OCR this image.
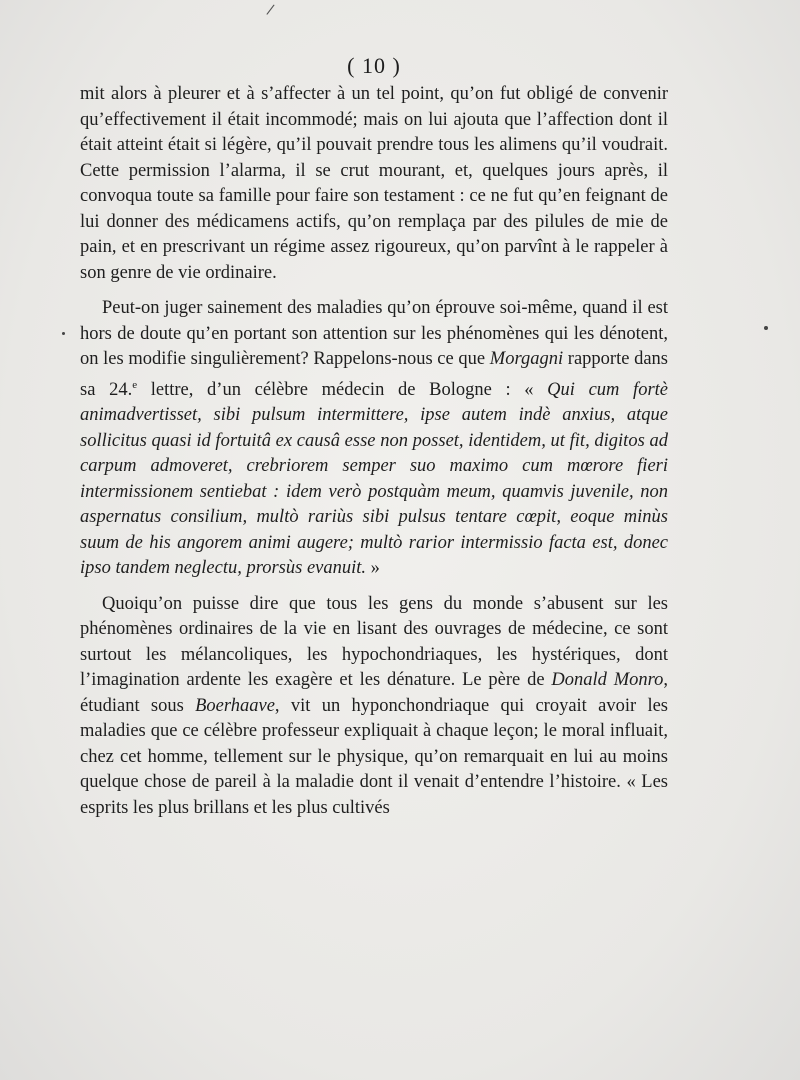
/
( 10 )

mit alors à pleurer et à s’affecter à un tel point, qu’on fut obligé de convenir qu’effectivement il était incommodé; mais on lui ajouta que l’affection dont il était atteint était si légère, qu’il pouvait prendre tous les alimens qu’il voudrait. Cette permission l’alarma, il se crut mourant, et, quelques jours après, il convoqua toute sa famille pour faire son testament : ce ne fut qu’en feignant de lui donner des médicamens actifs, qu’on remplaça par des pilules de mie de pain, et en prescrivant un régime assez rigoureux, qu’on parvînt à le rappeler à son genre de vie ordinaire.

Peut-on juger sainement des maladies qu’on éprouve soi-même, quand il est hors de doute qu’en portant son attention sur les phénomènes qui les dénotent, on les modifie singulièrement? Rappelons-nous ce que Morgagni rapporte dans sa 24.$^e$ lettre, d’un célèbre médecin de Bologne : « Qui cum fortè animadvertisset, sibi pulsum intermittere, ipse autem indè anxius, atque sollicitus quasi id fortuitâ ex causâ esse non posset, identidem, ut fit, digitos ad carpum admoveret, crebriorem semper suo maximo cum mœrore fieri intermissionem sentiebat : idem verò postquàm meum, quamvis juvenile, non aspernatus consilium, multò rariùs sibi pulsus tentare cœpit, eoque minùs suum de his angorem animi augere; multò rarior intermissio facta est, donec ipso tandem neglectu, prorsùs evanuit. »

Quoiqu’on puisse dire que tous les gens du monde s’abusent sur les phénomènes ordinaires de la vie en lisant des ouvrages de médecine, ce sont surtout les mélancoliques, les hypochondriaques, les hystériques, dont l’imagination ardente les exagère et les dénature. Le père de Donald Monro, étudiant sous Boerhaave, vit un hyponchondriaque qui croyait avoir les maladies que ce célèbre professeur expliquait à chaque leçon; le moral influait, chez cet homme, tellement sur le physique, qu’on remarquait en lui au moins quelque chose de pareil à la maladie dont il venait d’entendre l’histoire. « Les esprits les plus brillans et les plus cultivés
